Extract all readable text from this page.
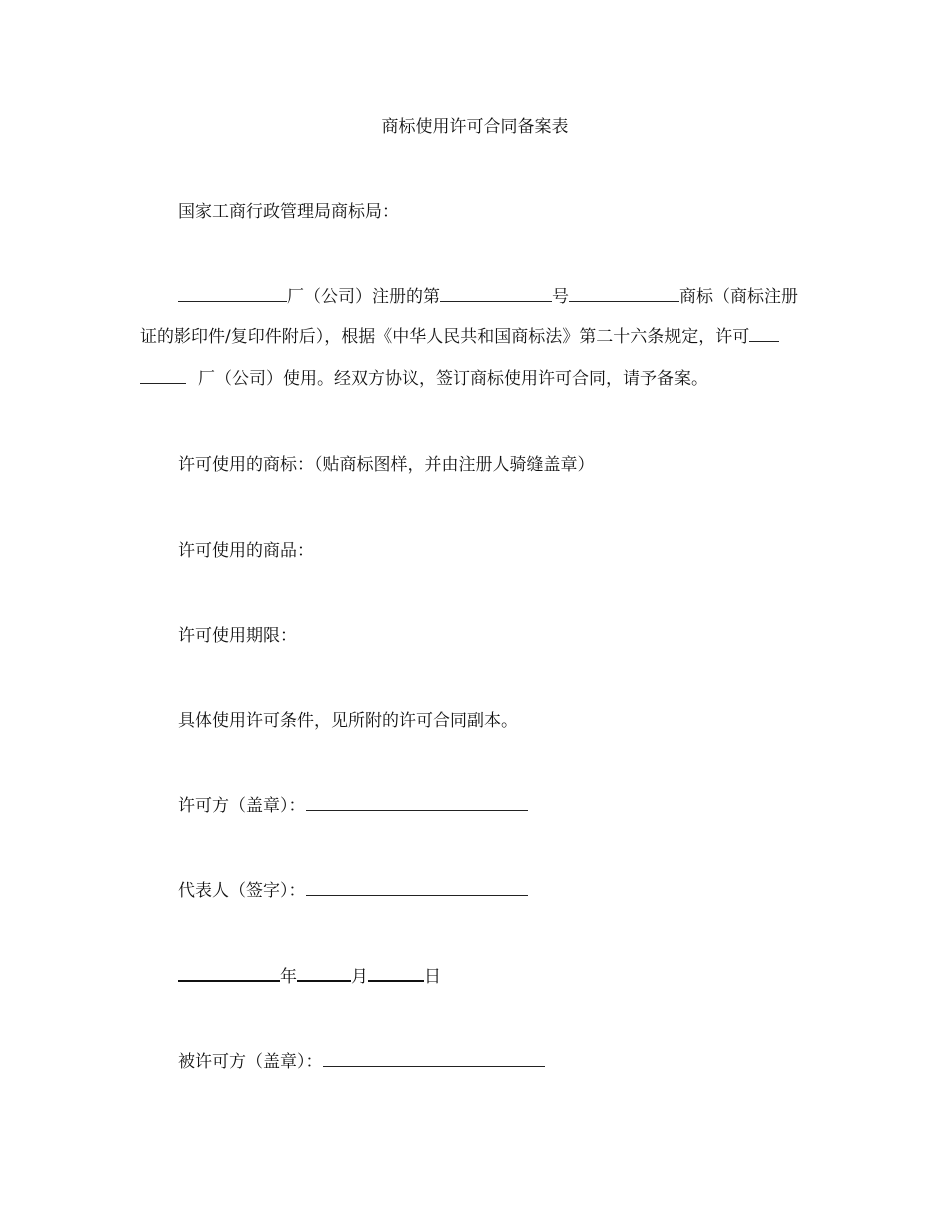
商标使用许可合同备案表
国家工商行政管理局商标局：
厂（公司）注册的第	号	商标（商标注册
证的影印件/复印件附后），根据《中华人民共和国商标法》第二十六条规定，许可
厂（公司）使用。经双方协议，签订商标使用许可合同，请予备案。
许可使用的商标：（贴商标图样，并由注册人骑缝盖章）
许可使用的商品：
许可使用期限：
具体使用许可条件，见所附的许可合同副本。
许可方（盖章）：
代表人（签字）：
年	月	日
被许可方（盖章）：
